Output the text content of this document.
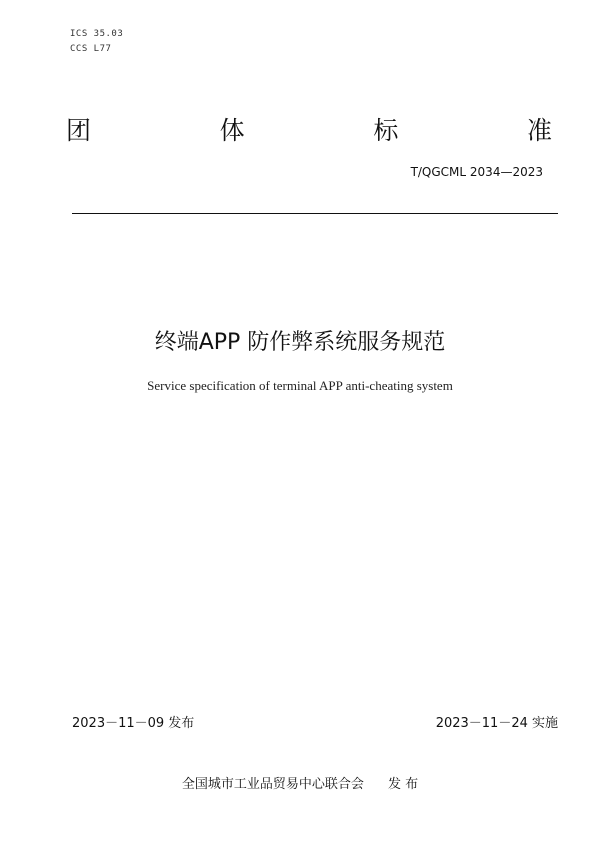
ICS 35.03
CCS L77
团	体	标	准
T/QGCML 2034—2023
终端APP 防作弊系统服务规范
Service specification of terminal APP anti-cheating system
2023－11－09 发布	2023－11－24 实施
全国城市工业品贸易中心联合会 发 布
